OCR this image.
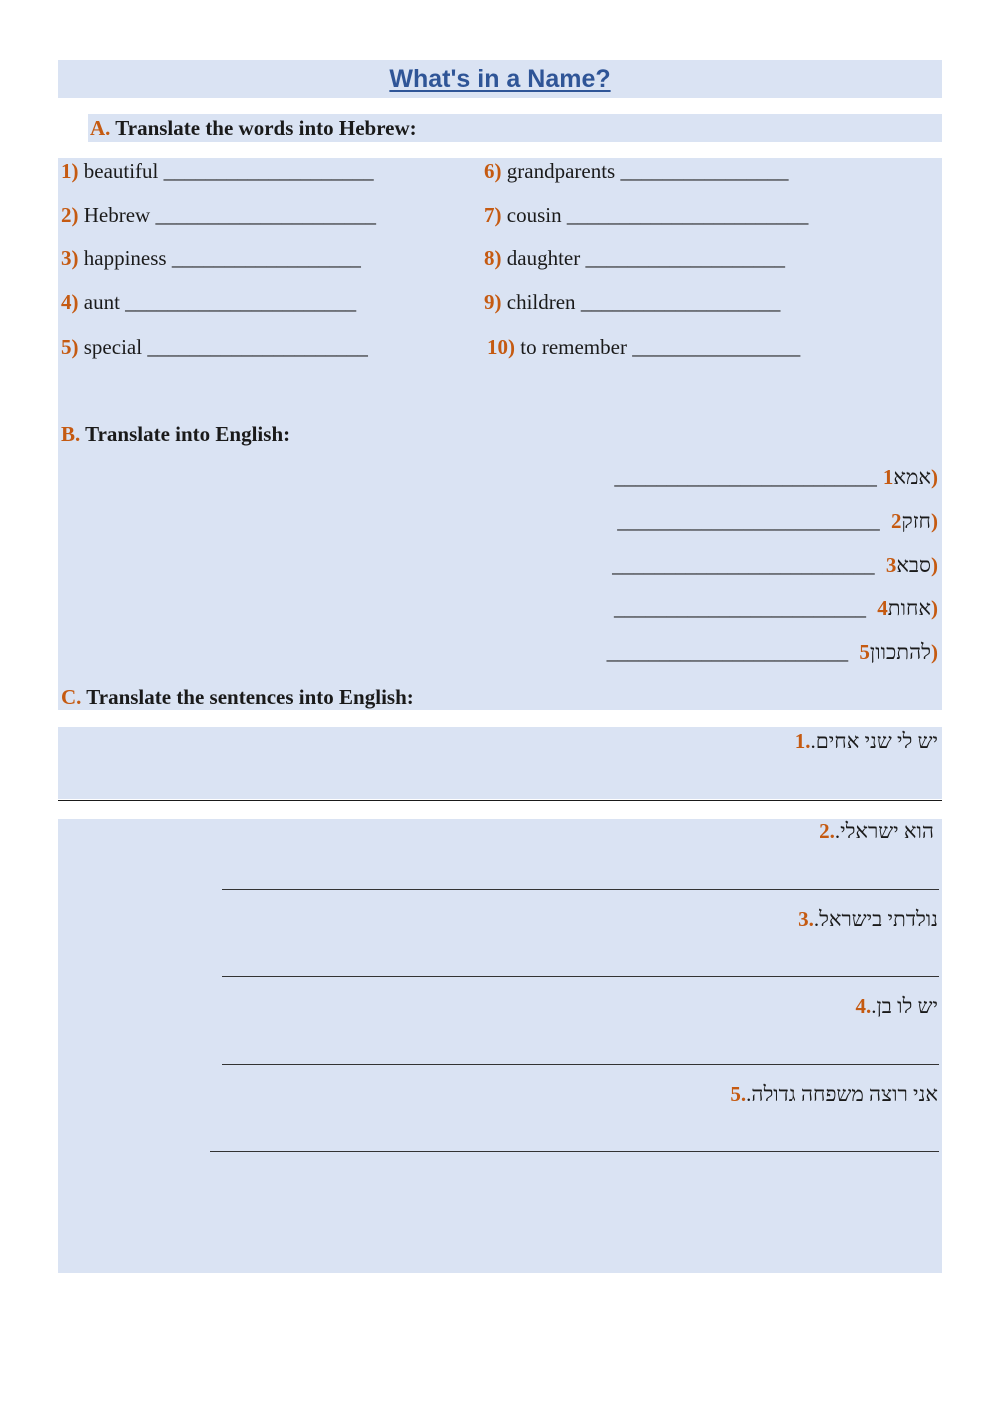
What's in a Name?
A. Translate the words into Hebrew:
1) beautiful ____________________
2) Hebrew _____________________
3) happiness __________________
4) aunt ______________________
5) special _____________________
6) grandparents ________________
7) cousin _______________________
8) daughter ___________________
9) children ___________________
10) to remember ________________
B. Translate into English:
_________________________ אמא1)
_________________________ חזק2)
_________________________ סבא3)
________________________ אחות4)
_______________________ להתכוון5)
C. Translate the sentences into English:
יש לי שני אחים..1
הוא ישראלי..2
נולדתי בישראל..3
יש לו בן..4
אני רוצה משפחה גדולה..5
